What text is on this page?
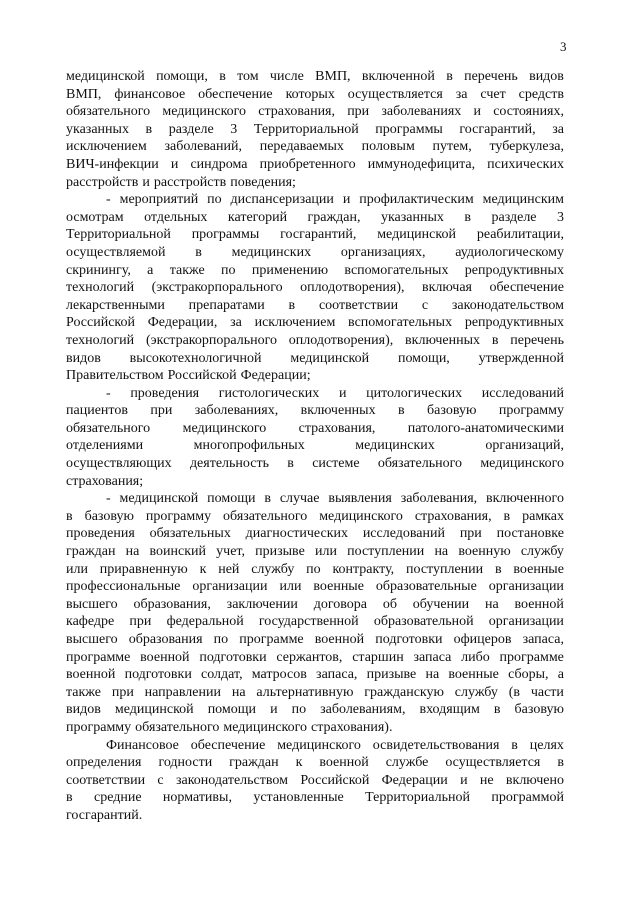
3
медицинской помощи, в том числе ВМП, включенной в перечень видов
ВМП, финансовое обеспечение которых осуществляется за счет средств
обязательного медицинского страхования, при заболеваниях и состояниях,
указанных в разделе 3 Территориальной программы госгарантий, за
исключением заболеваний, передаваемых половым путем, туберкулеза,
ВИЧ-инфекции и синдрома приобретенного иммунодефицита, психических
расстройств и расстройств поведения;
- мероприятий по диспансеризации и профилактическим медицинским
осмотрам отдельных категорий граждан, указанных в разделе 3
Территориальной программы госгарантий, медицинской реабилитации,
осуществляемой в медицинских организациях, аудиологическому
скринингу, а также по применению вспомогательных репродуктивных
технологий (экстракорпорального оплодотворения), включая обеспечение
лекарственными препаратами в соответствии с законодательством
Российской Федерации, за исключением вспомогательных репродуктивных
технологий (экстракорпорального оплодотворения), включенных в перечень
видов высокотехнологичной медицинской помощи, утвержденной
Правительством Российской Федерации;
- проведения гистологических и цитологических исследований
пациентов при заболеваниях, включенных в базовую программу
обязательного медицинского страхования, патолого-анатомическими
отделениями	многопрофильных	медицинских	организаций,
осуществляющих деятельность в системе обязательного медицинского
страхования;
- медицинской помощи в случае выявления заболевания, включенного
в базовую программу обязательного медицинского страхования, в рамках
проведения обязательных диагностических исследований при постановке
граждан на воинский учет, призыве или поступлении на военную службу
или приравненную к ней службу по контракту, поступлении в военные
профессиональные организации или военные образовательные организации
высшего образования, заключении договора об обучении на военной
кафедре при федеральной государственной образовательной организации
высшего образования по программе военной подготовки офицеров запаса,
программе военной подготовки сержантов, старшин запаса либо программе
военной подготовки солдат, матросов запаса, призыве на военные сборы, а
также при направлении на альтернативную гражданскую службу (в части
видов медицинской помощи и по заболеваниям, входящим в базовую
программу обязательного медицинского страхования).
Финансовое обеспечение медицинского освидетельствования в целях
определения годности граждан к военной службе осуществляется в
соответствии с законодательством Российской Федерации и не включено
в средние нормативы, установленные Территориальной программой
госгарантий.
